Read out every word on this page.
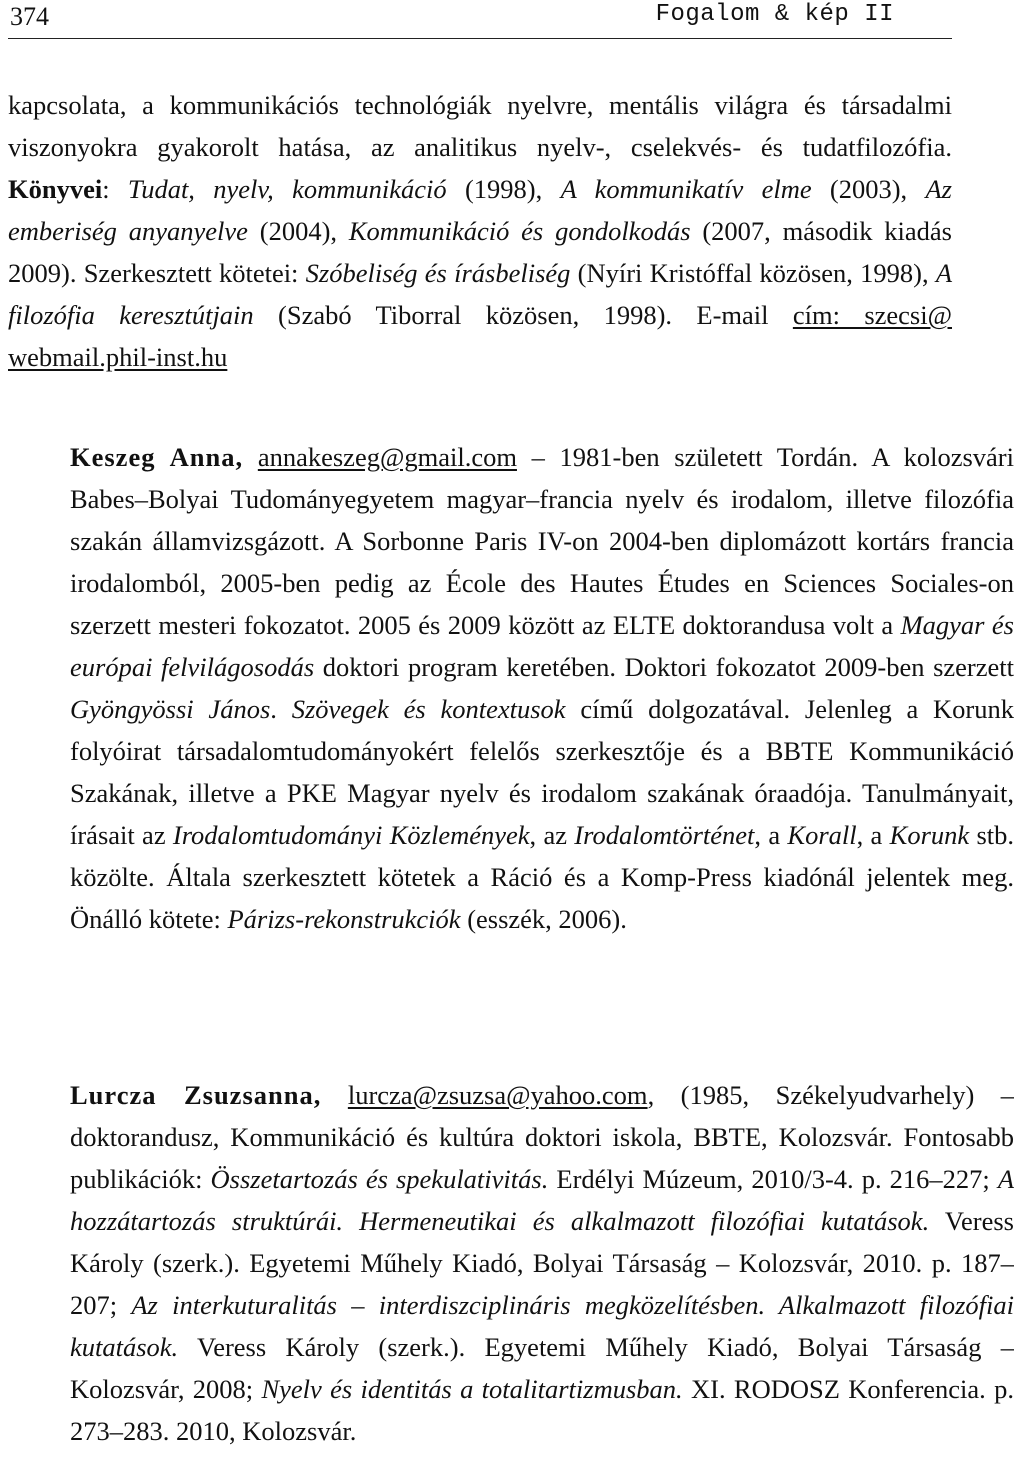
374	Fogalom & kép II
kapcsolata, a kommunikációs technológiák nyelvre, mentális világra és társadalmi viszonyokra gyakorolt hatása, az analitikus nyelv-, cselekvés- és tudatfilozófia. Könyvei: Tudat, nyelv, kommunikáció (1998), A kommunikatív elme (2003), Az emberiség anyanyelve (2004), Kommunikáció és gondolkodás (2007, második kiadás 2009). Szerkesztett kötetei: Szóbeliség és írásbeliség (Nyíri Kristóffal közösen, 1998), A filozófia keresztútjain (Szabó Tiborral közösen, 1998). E-mail cím: szecsi@ webmail.phil-inst.hu
Keszeg Anna, annakeszeg@gmail.com – 1981-ben született Tordán. A kolozsvári Babes–Bolyai Tudományegyetem magyar–francia nyelv és irodalom, illetve filozófia szakán államvizsgázott. A Sorbonne Paris IV-on 2004-ben diplomázott kortárs francia irodalomból, 2005-ben pedig az École des Hautes Études en Sciences Sociales-on szerzett mesteri fokozatot. 2005 és 2009 között az ELTE doktorandusa volt a Magyar és európai felvilágosodás doktori program keretében. Doktori fokozatot 2009-ben szerzett Gyöngyössi János. Szövegek és kontextusok című dolgozatával. Jelenleg a Korunk folyóirat társadalomtudományokért felelős szerkesztője és a BBTE Kommunikáció Szakának, illetve a PKE Magyar nyelv és irodalom szakának óraadója. Tanulmányait, írásait az Irodalomtudományi Közlemények, az Irodalomtörténet, a Korall, a Korunk stb. közölte. Általa szerkesztett kötetek a Ráció és a Komp-Press kiadónál jelentek meg. Önálló kötete: Párizs-rekonstrukciók (esszék, 2006).
Lurcza Zsuzsanna, lurcza@zsuzsa@yahoo.com, (1985, Székelyudvarhely) – doktorandusz, Kommunikáció és kultúra doktori iskola, BBTE, Kolozsvár. Fontosabb publikációk: Összetartozás és spekulativitás. Erdélyi Múzeum, 2010/3-4. p. 216–227; A hozzátartozás struktúrái. Hermeneutikai és alkalmazott filozófiai kutatások. Veress Károly (szerk.). Egyetemi Műhely Kiadó, Bolyai Társaság – Kolozsvár, 2010. p. 187–207; Az interkuturalitás – interdiszciplináris megközelítésben. Alkalmazott filozófiai kutatások. Veress Károly (szerk.). Egyetemi Műhely Kiadó, Bolyai Társaság – Kolozsvár, 2008; Nyelv és identitás a totalitartizmusban. XI. RODOSZ Konferencia. p. 273–283. 2010, Kolozsvár.
